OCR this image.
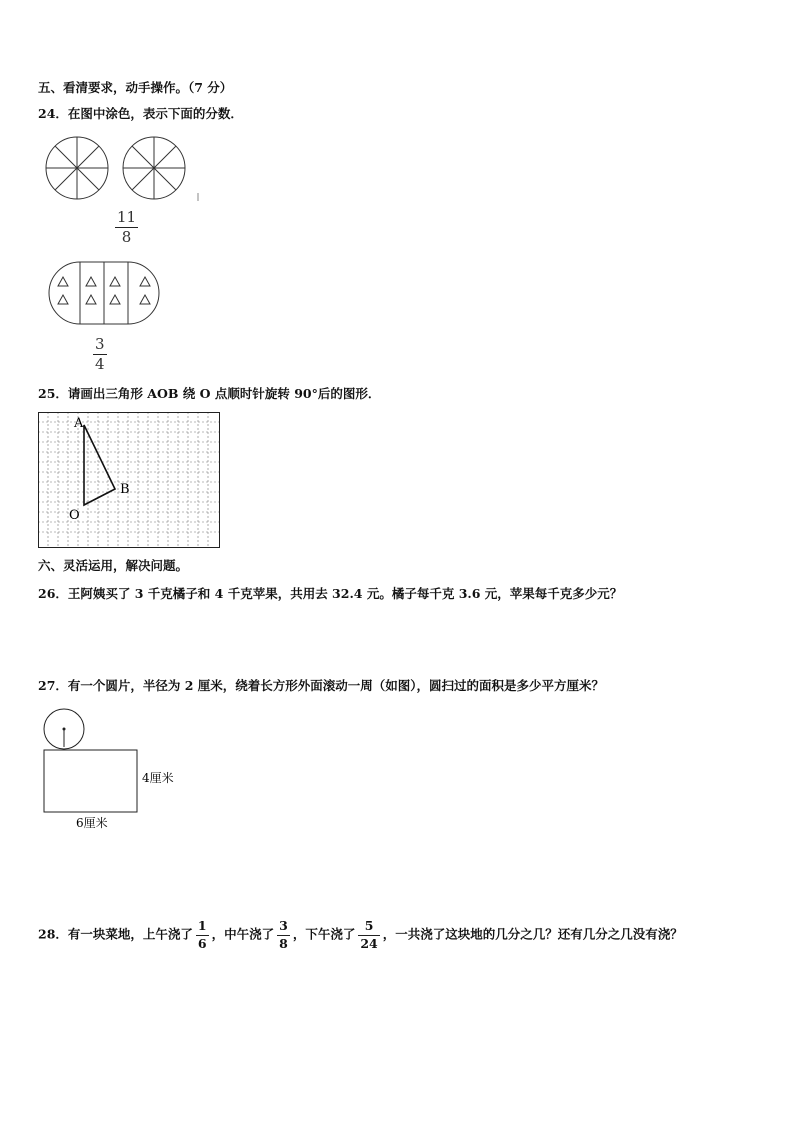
五、看清要求，动手操作。（7 分）
24．在图中涂色，表示下面的分数．
$\frac{11}{8}$
$\frac{3}{4}$
25．请画出三角形 AOB 绕 O 点顺时针旋转 90°后的图形．
A
B
O
六、灵活运用，解决问题。
26．王阿姨买了 3 千克橘子和 4 千克苹果，共用去 32.4 元。橘子每千克 3.6 元，苹果每千克多少元？
27．有一个圆片，半径为 2 厘米，绕着长方形外面滚动一周（如图），圆扫过的面积是多少平方厘米？
4厘米
6厘米
28．有一块菜地，上午浇了 $\frac{1}{6}$ ，中午浇了 $\frac{3}{8}$ ，下午浇了 $\frac{5}{24}$ ，一共浇了这块地的几分之几？还有几分之几没有浇？
